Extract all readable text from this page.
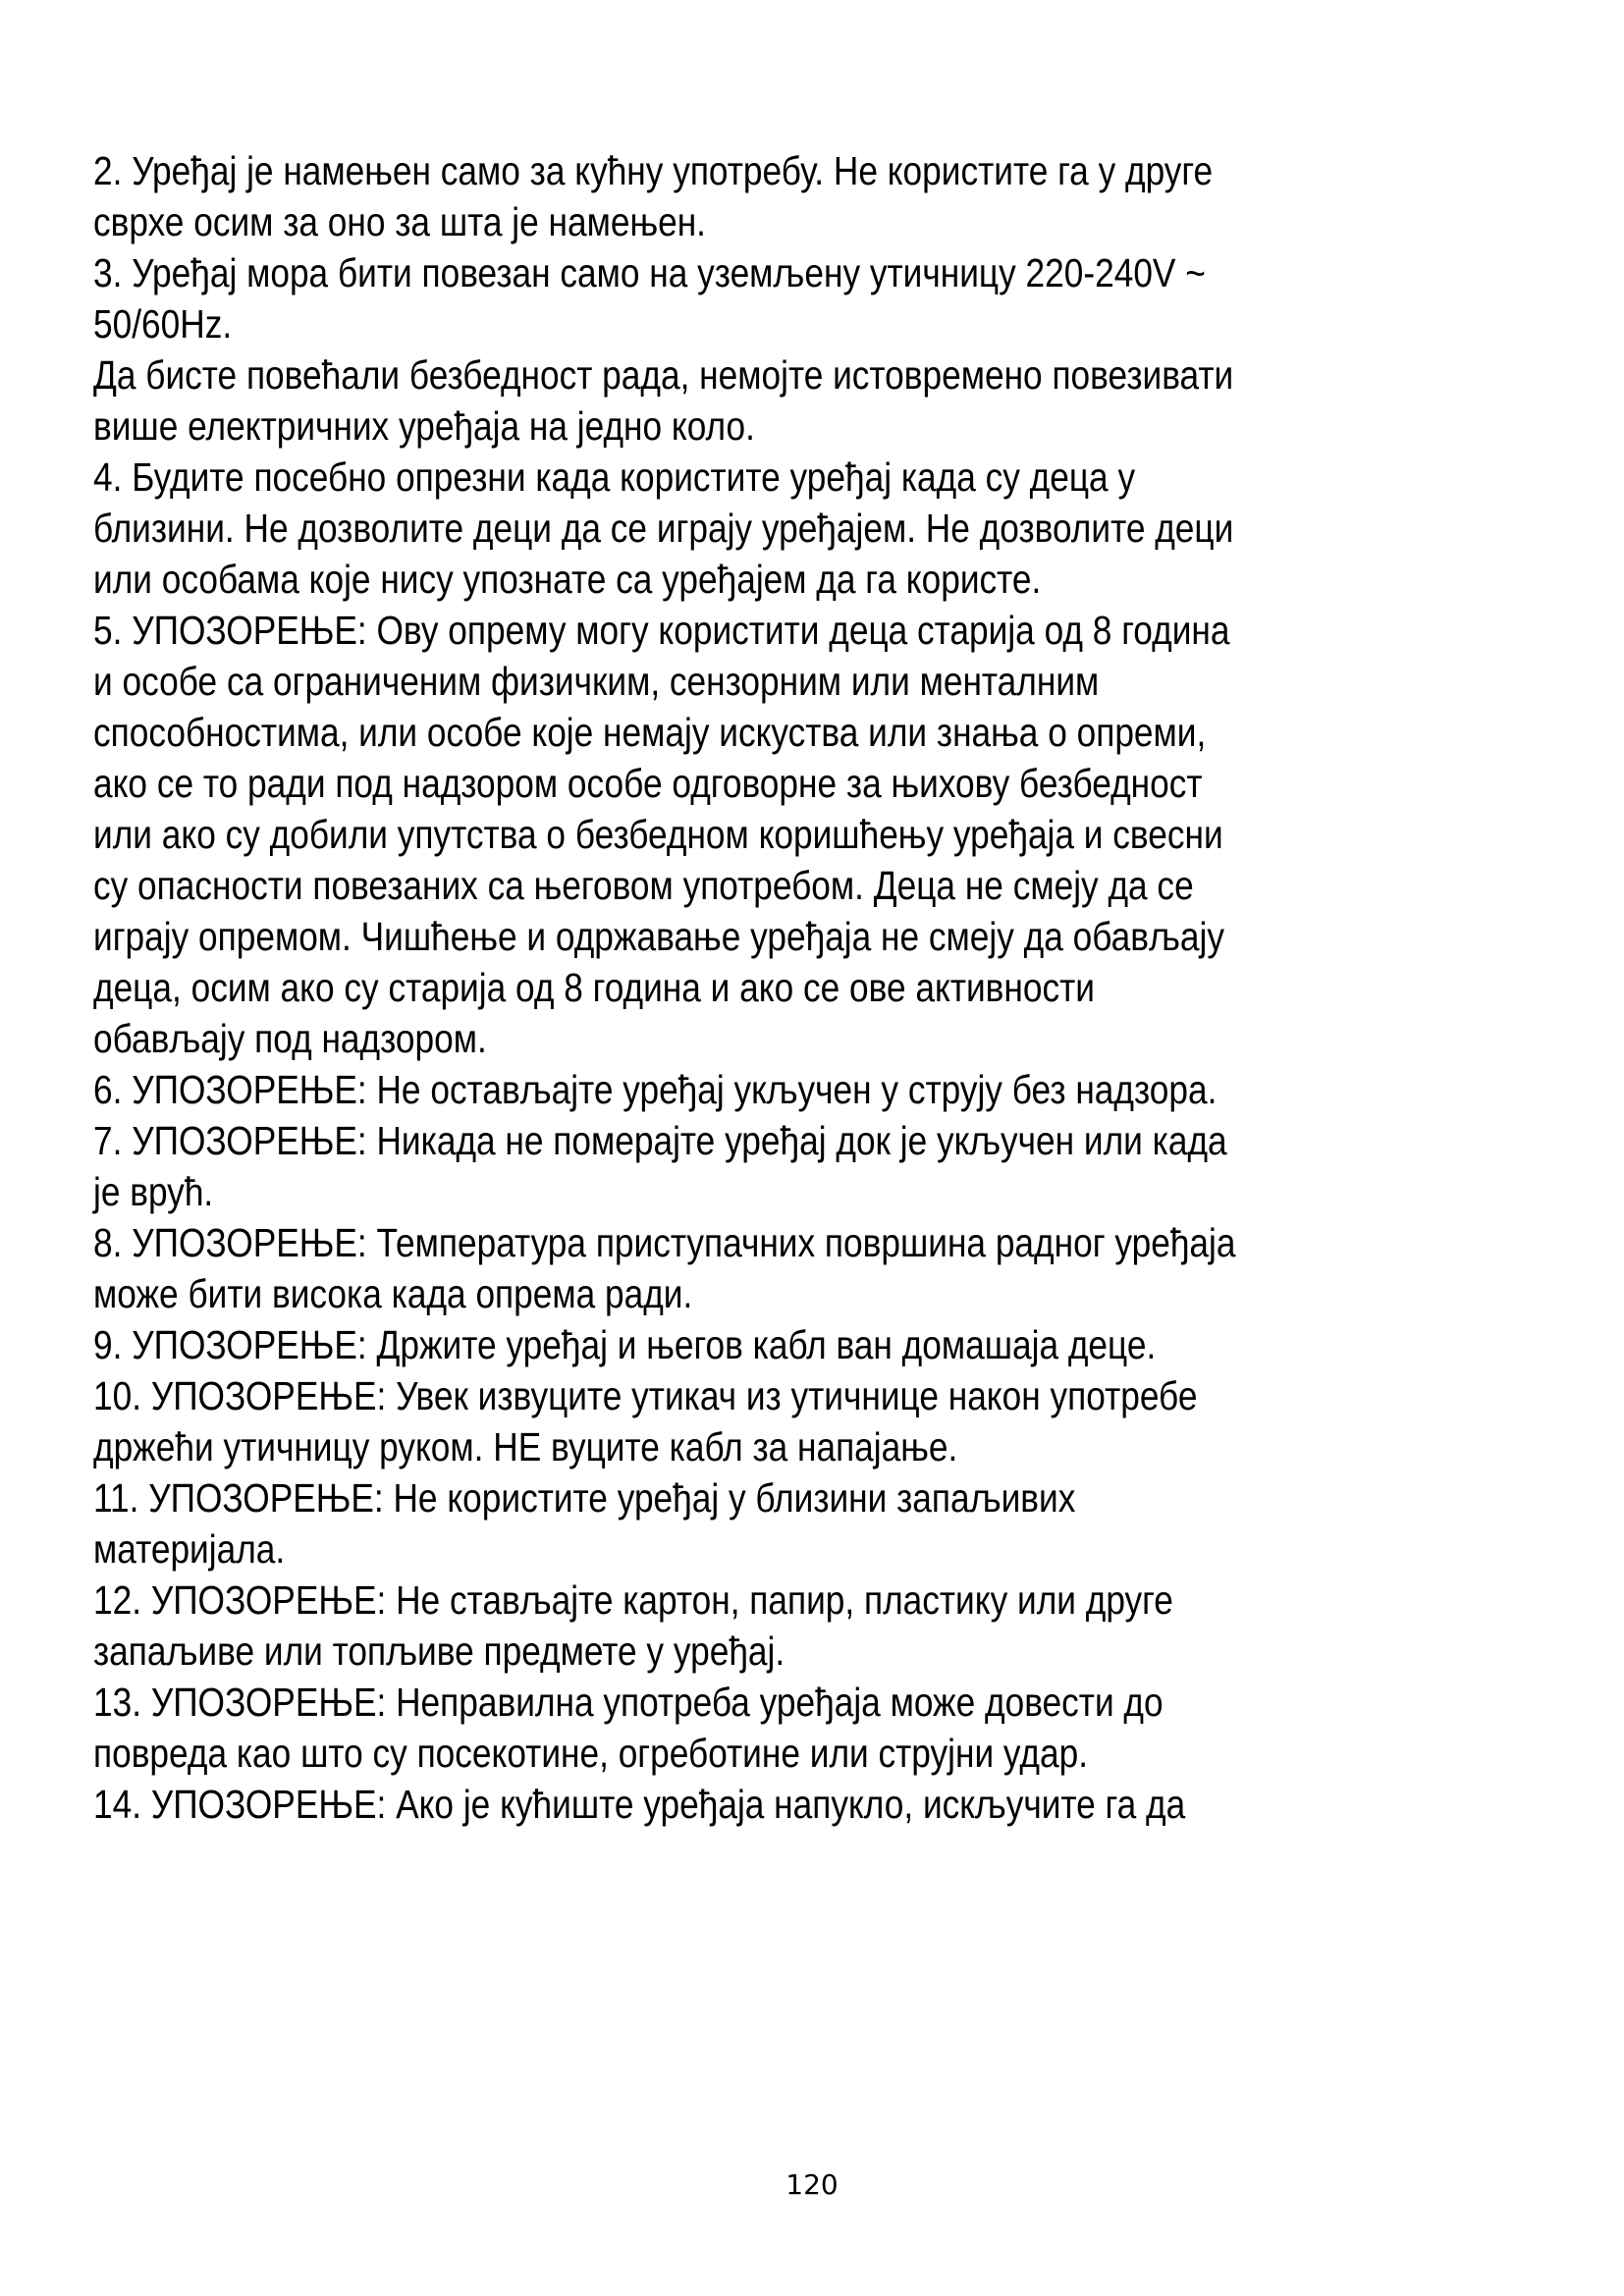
2. Уређај је намењен само за кућну употребу. Не користите га у друге

сврхе осим за оно за шта је намењен.

3. Уређај мора бити повезан само на уземљену утичницу 220-240V ~

50/60Hz.

Да бисте повећали безбедност рада, немојте истовремено повезивати

више електричних уређаја на једно коло.

4. Будите посебно опрезни када користите уређај када су деца у

близини. Не дозволите деци да се играју уређајем. Не дозволите деци

или особама које нису упознате са уређајем да га користе.

5. УПОЗОРЕЊЕ: Ову опрему могу користити деца старија од 8 година

и особе са ограниченим физичким, сензорним или менталним

способностима, или особе које немају искуства или знања о опреми,

ако се то ради под надзором особе одговорне за њихову безбедност

или ако су добили упутства о безбедном коришћењу уређаја и свесни

су опасности повезаних са његовом употребом. Деца не смеју да се

играју опремом. Чишћење и одржавање уређаја не смеју да обављају

деца, осим ако су старија од 8 година и ако се ове активности

обављају под надзором.

6. УПОЗОРЕЊЕ: Не остављајте уређај укључен у струју без надзора.

7. УПОЗОРЕЊЕ: Никада не померајте уређај док је укључен или када

је врућ.

8. УПОЗОРЕЊЕ: Температура приступачних површина радног уређаја

може бити висока када опрема ради.

9. УПОЗОРЕЊЕ: Држите уређај и његов кабл ван домашаја деце.

10. УПОЗОРЕЊЕ: Увек извуците утикач из утичнице након употребе

држећи утичницу руком. НЕ вуците кабл за напајање.

11. УПОЗОРЕЊЕ: Не користите уређај у близини запаљивих

материјала.

12. УПОЗОРЕЊЕ: Не стављајте картон, папир, пластику или друге

запаљиве или топљиве предмете у уређај.

13. УПОЗОРЕЊЕ: Неправилна употреба уређаја може довести до

повреда као што су посекотине, огреботине или струјни удар.

14. УПОЗОРЕЊЕ: Ако је кућиште уређаја напукло, искључите га да

120
